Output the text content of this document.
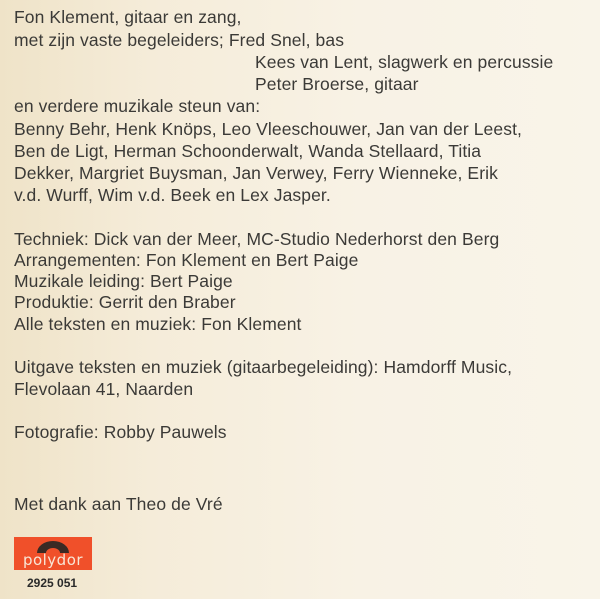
Fon Klement, gitaar en zang,
met zijn vaste begeleiders; Fred Snel, bas
Kees van Lent, slagwerk en percussie
Peter Broerse, gitaar
en verdere muzikale steun van:
Benny Behr, Henk Knöps, Leo Vleeschouwer, Jan van der Leest,
Ben de Ligt, Herman Schoonderwalt, Wanda Stellaard, Titia
Dekker, Margriet Buysman, Jan Verwey, Ferry Wienneke, Erik
v.d. Wurff, Wim v.d. Beek en Lex Jasper.
Techniek: Dick van der Meer, MC-Studio Nederhorst den Berg
Arrangementen: Fon Klement en Bert Paige
Muzikale leiding: Bert Paige
Produktie: Gerrit den Braber
Alle teksten en muziek: Fon Klement
Uitgave teksten en muziek (gitaarbegeleiding): Hamdorff Music,
Flevolaan 41, Naarden
Fotografie: Robby Pauwels
Met dank aan Theo de Vré
polydor
2925 051
